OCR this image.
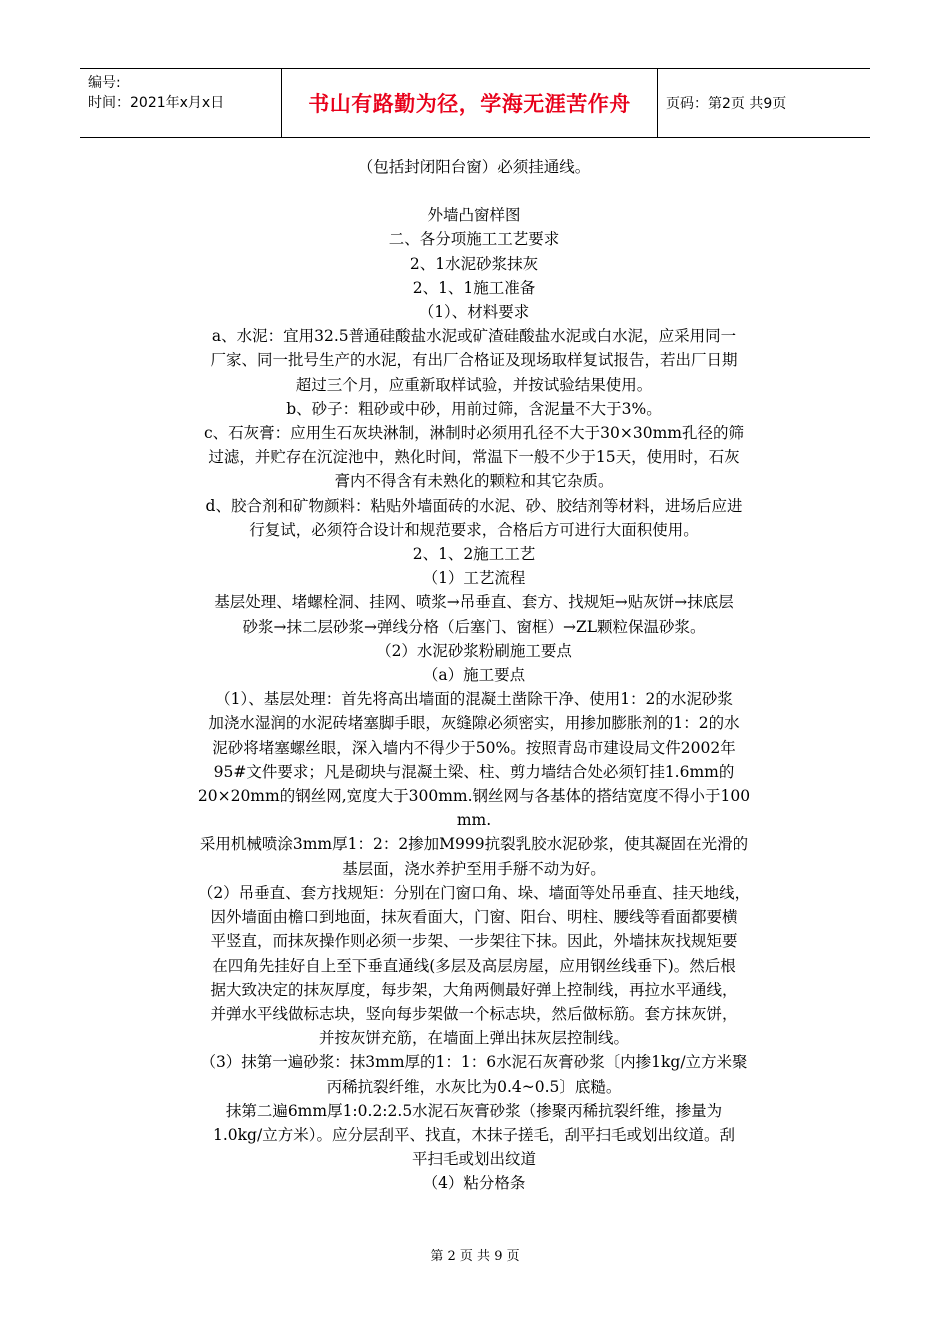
编号:
时间：2021年x月x日	书山有路勤为径，学海无涯苦作舟	页码：第2页 共9页

（包括封闭阳台窗）必须挂通线。

外墙凸窗样图

二、各分项施工工艺要求

2、1水泥砂浆抹灰

2、1、1施工准备

（1）、材料要求

a、水泥：宜用32.5普通硅酸盐水泥或矿渣硅酸盐水泥或白水泥，应采用同一

厂家、同一批号生产的水泥，有出厂合格证及现场取样复试报告，若出厂日期

超过三个月，应重新取样试验，并按试验结果使用。

b、砂子：粗砂或中砂，用前过筛，含泥量不大于3%。

c、石灰膏：应用生石灰块淋制，淋制时必须用孔径不大于30×30mm孔径的筛

过滤，并贮存在沉淀池中，熟化时间，常温下一般不少于15天，使用时，石灰

膏内不得含有未熟化的颗粒和其它杂质。

d、胶合剂和矿物颜料：粘贴外墙面砖的水泥、砂、胶结剂等材料，进场后应进

行复试，必须符合设计和规范要求，合格后方可进行大面积使用。

2、1、2施工工艺

（1）工艺流程

基层处理、堵螺栓洞、挂网、喷浆→吊垂直、套方、找规矩→贴灰饼→抹底层

砂浆→抹二层砂浆→弹线分格（后塞门、窗框）→ZL颗粒保温砂浆。

（2）水泥砂浆粉刷施工要点

（a）施工要点

（1）、基层处理：首先将高出墙面的混凝土凿除干净、使用1：2的水泥砂浆

加浇水湿润的水泥砖堵塞脚手眼，灰缝隙必须密实，用掺加膨胀剂的1：2的水

泥砂将堵塞螺丝眼，深入墙内不得少于50%。按照青岛市建设局文件2002年

95#文件要求；凡是砌块与混凝土梁、柱、剪力墙结合处必须钉挂1.6mm的

20×20mm的钢丝网,宽度大于300mm.钢丝网与各基体的搭结宽度不得小于100

mm.

采用机械喷涂3mm厚1：2：2掺加M999抗裂乳胶水泥砂浆，使其凝固在光滑的

基层面，浇水养护至用手掰不动为好。

（2）吊垂直、套方找规矩：分别在门窗口角、垛、墙面等处吊垂直、挂天地线，

因外墙面由檐口到地面，抹灰看面大，门窗、阳台、明柱、腰线等看面都要横

平竖直，而抹灰操作则必须一步架、一步架往下抹。因此，外墙抹灰找规矩要

在四角先挂好自上至下垂直通线(多层及高层房屋，应用钢丝线垂下)。然后根

据大致决定的抹灰厚度，每步架，大角两侧最好弹上控制线，再拉水平通线，

并弹水平线做标志块，竖向每步架做一个标志块，然后做标筋。套方抹灰饼，

并按灰饼充筋，在墙面上弹出抹灰层控制线。

（3）抹第一遍砂浆：抹3mm厚的1：1：6水泥石灰膏砂浆〔内掺1kg/立方米聚

丙稀抗裂纤维，水灰比为0.4~0.5〕底糙。

抹第二遍6mm厚1:0.2:2.5水泥石灰膏砂浆（掺聚丙稀抗裂纤维，掺量为

1.0kg/立方米）。应分层刮平、找直，木抹子搓毛，刮平扫毛或划出纹道。刮

平扫毛或划出纹道

（4）粘分格条

第 2 页 共 9 页
